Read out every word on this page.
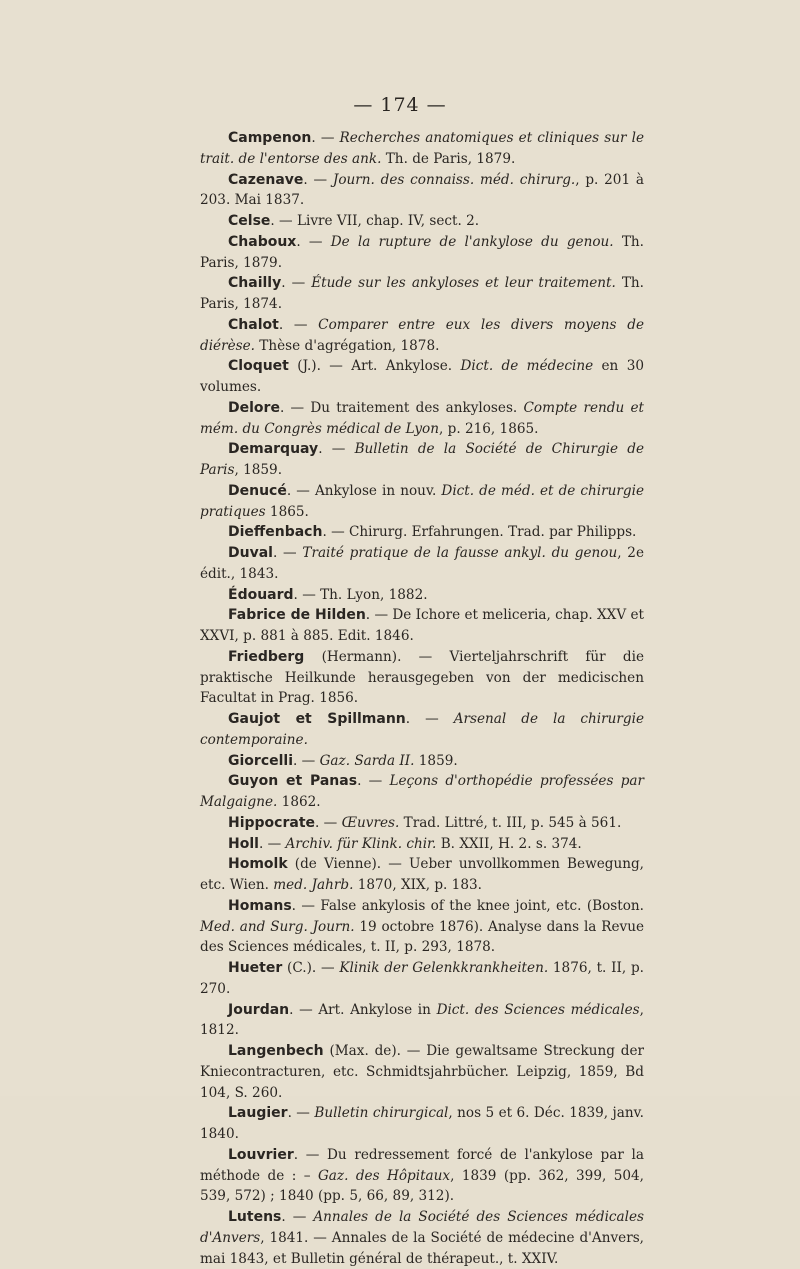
— 174 —

Campenon. — Recherches anatomiques et cliniques sur le trait. de l'entorse des ank. Th. de Paris, 1879.

Cazenave. — Journ. des connaiss. méd. chirurg., p. 201 à 203. Mai 1837.

Celse. — Livre VII, chap. IV, sect. 2.

Chaboux. — De la rupture de l'ankylose du genou. Th. Paris, 1879.

Chailly. — Étude sur les ankyloses et leur traitement. Th. Paris, 1874.

Chalot. — Comparer entre eux les divers moyens de diérèse. Thèse d'agrégation, 1878.

Cloquet (J.). — Art. Ankylose. Dict. de médecine en 30 volumes.

Delore. — Du traitement des ankyloses. Compte rendu et mém. du Congrès médical de Lyon, p. 216, 1865.

Demarquay. — Bulletin de la Société de Chirurgie de Paris, 1859.

Denucé. — Ankylose in nouv. Dict. de méd. et de chirurgie pratiques 1865.

Dieffenbach. — Chirurg. Erfahrungen. Trad. par Philipps.

Duval. — Traité pratique de la fausse ankyl. du genou, 2e édit., 1843.

Édouard. — Th. Lyon, 1882.

Fabrice de Hilden. — De Ichore et meliceria, chap. XXV et XXVI, p. 881 à 885. Edit. 1846.

Friedberg (Hermann). — Vierteljahrschrift für die praktische Heilkunde herausgegeben von der medicischen Facultat in Prag. 1856.

Gaujot et Spillmann. — Arsenal de la chirurgie contemporaine.

Giorcelli. — Gaz. Sarda II. 1859.

Guyon et Panas. — Leçons d'orthopédie professées par Malgaigne. 1862.

Hippocrate. — Œuvres. Trad. Littré, t. III, p. 545 à 561.

Holl. — Archiv. für Klink. chir. B. XXII, H. 2. s. 374.

Homolk (de Vienne). — Ueber unvollkommen Bewegung, etc. Wien. med. Jahrb. 1870, XIX, p. 183.

Homans. — False ankylosis of the knee joint, etc. (Boston. Med. and Surg. Journ. 19 octobre 1876). Analyse dans la Revue des Sciences médicales, t. II, p. 293, 1878.

Hueter (C.). — Klinik der Gelenkkrankheiten. 1876, t. II, p. 270.

Jourdan. — Art. Ankylose in Dict. des Sciences médicales, 1812.

Langenbech (Max. de). — Die gewaltsame Streckung der Kniecontracturen, etc. Schmidtsjahrbücher. Leipzig, 1859, Bd 104, S. 260.

Laugier. — Bulletin chirurgical, nos 5 et 6. Déc. 1839, janv. 1840.

Louvrier. — Du redressement forcé de l'ankylose par la méthode de : – Gaz. des Hôpitaux, 1839 (pp. 362, 399, 504, 539, 572) ; 1840 (pp. 5, 66, 89, 312).

Lutens. — Annales de la Société des Sciences médicales d'Anvers, 1841. — Annales de la Société de médecine d'Anvers, mai 1843, et Bulletin général de thérapeut., t. XXIV.
